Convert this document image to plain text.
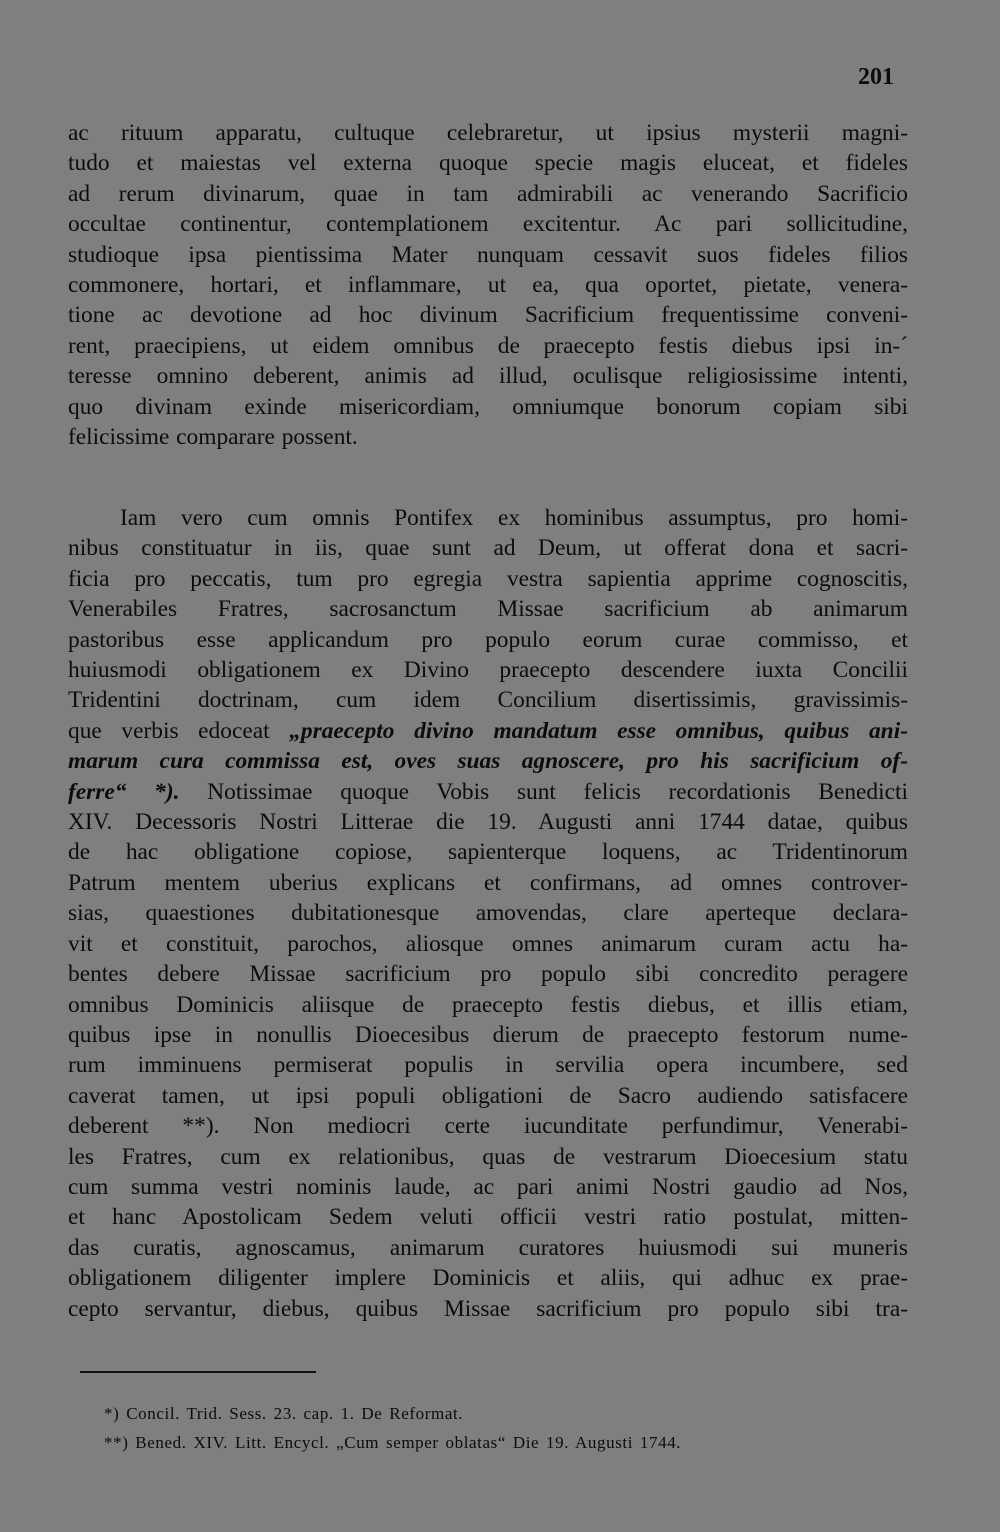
201

ac rituum apparatu, cultuque celebraretur, ut ipsius mysterii magni-
tudo et maiestas vel externa quoque specie magis eluceat, et fideles
ad rerum divinarum, quae in tam admirabili ac venerando Sacrificio
occultae continentur, contemplationem excitentur. Ac pari sollicitudine,
studioque ipsa pientissima Mater nunquam cessavit suos fideles filios
commonere, hortari, et inflammare, ut ea, qua oportet, pietate, venera-
tione ac devotione ad hoc divinum Sacrificium frequentissime conveni-
rent, praecipiens, ut eidem omnibus de praecepto festis diebus ipsi in-´
teresse omnino deberent, animis ad illud, oculisque religiosissime intenti,
quo divinam exinde misericordiam, omniumque bonorum copiam sibi
felicissime comparare possent.

Iam vero cum omnis Pontifex ex hominibus assumptus, pro homi-
nibus constituatur in iis, quae sunt ad Deum, ut offerat dona et sacri-
ficia pro peccatis, tum pro egregia vestra sapientia apprime cognoscitis,
Venerabiles Fratres, sacrosanctum Missae sacrificium ab animarum
pastoribus esse applicandum pro populo eorum curae commisso, et
huiusmodi obligationem ex Divino praecepto descendere iuxta Concilii
Tridentini doctrinam, cum idem Concilium disertissimis, gravissimis-
que verbis edoceat „praecepto divino mandatum esse omnibus, quibus ani-
marum cura commissa est, oves suas agnoscere, pro his sacrificium of-
ferre“ *). Notissimae quoque Vobis sunt felicis recordationis Benedicti
XIV. Decessoris Nostri Litterae die 19. Augusti anni 1744 datae, quibus
de hac obligatione copiose, sapienterque loquens, ac Tridentinorum
Patrum mentem uberius explicans et confirmans, ad omnes controver-
sias, quaestiones dubitationesque amovendas, clare aperteque declara-
vit et constituit, parochos, aliosque omnes animarum curam actu ha-
bentes debere Missae sacrificium pro populo sibi concredito peragere
omnibus Dominicis aliisque de praecepto festis diebus, et illis etiam,
quibus ipse in nonullis Dioecesibus dierum de praecepto festorum nume-
rum imminuens permiserat populis in servilia opera incumbere, sed
caverat tamen, ut ipsi populi obligationi de Sacro audiendo satisfacere
deberent **). Non mediocri certe iucunditate perfundimur, Venerabi-
les Fratres, cum ex relationibus, quas de vestrarum Dioecesium statu
cum summa vestri nominis laude, ac pari animi Nostri gaudio ad Nos,
et hanc Apostolicam Sedem veluti officii vestri ratio postulat, mitten-
das curatis, agnoscamus, animarum curatores huiusmodi sui muneris
obligationem diligenter implere Dominicis et aliis, qui adhuc ex prae-
cepto servantur, diebus, quibus Missae sacrificium pro populo sibi tra-

*) Concil. Trid. Sess. 23. cap. 1. De Reformat.
**) Bened. XIV. Litt. Encycl. „Cum semper oblatas“ Die 19. Augusti 1744.
